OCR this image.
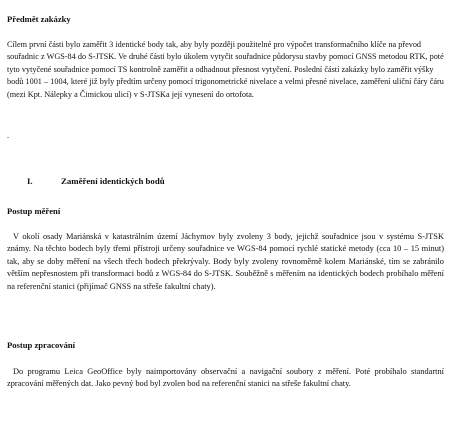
Předmět zakázky
Cílem první části bylo zaměřit 3 identické body tak, aby byly později použitelné pro výpočet transformačního klíče na převod souřadnic z WGS-84 do S-JTSK. Ve druhé části bylo úkolem vytyčit souřadnice půdorysu stavby pomocí GNSS metodou RTK, poté tyto vytyčené souřadnice pomocí TS kontrolně zaměřit a odhadnout přesnost vytyčení. Poslední částí zakázky bylo zaměřit výšky bodů 1001 – 1004, které již byly předtím určeny pomocí trigonometrické nivelace a velmi přesné nivelace, zaměření uliční čáry čáru (mezi Kpt. Nálepky a Čimickou ulicí) v S-JTSKa její vynesení do ortofota.
.
I.	Zaměření identických bodů
Postup měření
V okolí osady Mariánská v katastrálním území Jáchymov byly zvoleny 3 body, jejichž souřadnice jsou v systému S-JTSK známy. Na těchto bodech byly třemi přístroji určeny souřadnice ve WGS-84 pomocí rychlé statické metody (cca 10 – 15 minut) tak, aby se doby měření na všech třech bodech překrývaly. Body byly zvoleny rovnoměrně kolem Mariánské, tím se zabránilo větším nepřesnostem při transformaci bodů z WGS-84 do S-JTSK. Souběžně s měřením na identických bodech probíhalo měření na referenční stanici (přijímač GNSS na střeše fakultní chaty).
Postup zpracování
Do programu Leica GeoOffice byly naimportovány observační a navigační soubory z měření. Poté probíhalo standartní zpracování měřených dat. Jako pevný bod byl zvolen bod na referenční stanici na střeše fakultní chaty.
